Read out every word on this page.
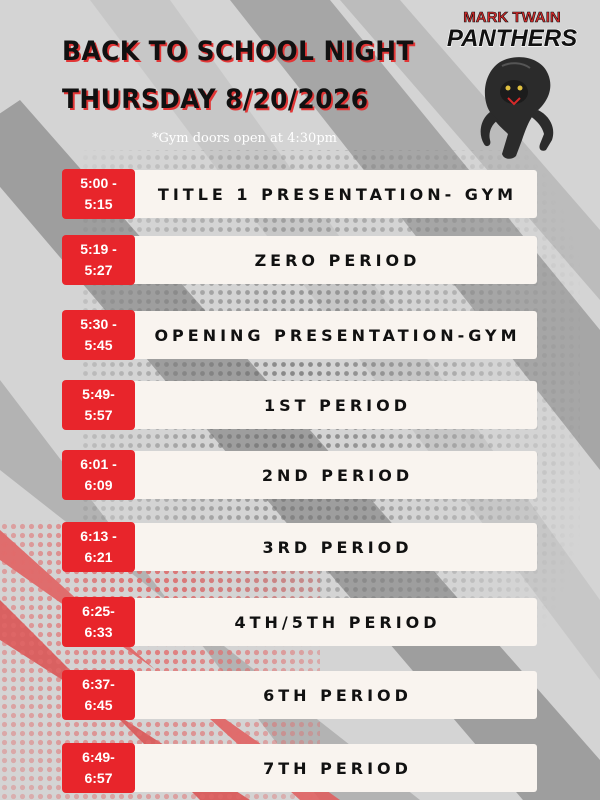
BACK TO SCHOOL NIGHT
THURSDAY 8/20/2026
*Gym doors open at 4:30pm
MARK TWAIN
PANTHERS
5:00 -
5:15
TITLE 1 PRESENTATION- GYM
5:19 -
5:27
ZERO PERIOD
5:30 -
5:45
OPENING PRESENTATION-GYM
5:49-
5:57
1ST PERIOD
6:01 -
6:09
2ND PERIOD
6:13 -
6:21
3RD PERIOD
6:25-
6:33
4TH/5TH PERIOD
6:37-
6:45
6TH PERIOD
6:49-
6:57
7TH PERIOD
